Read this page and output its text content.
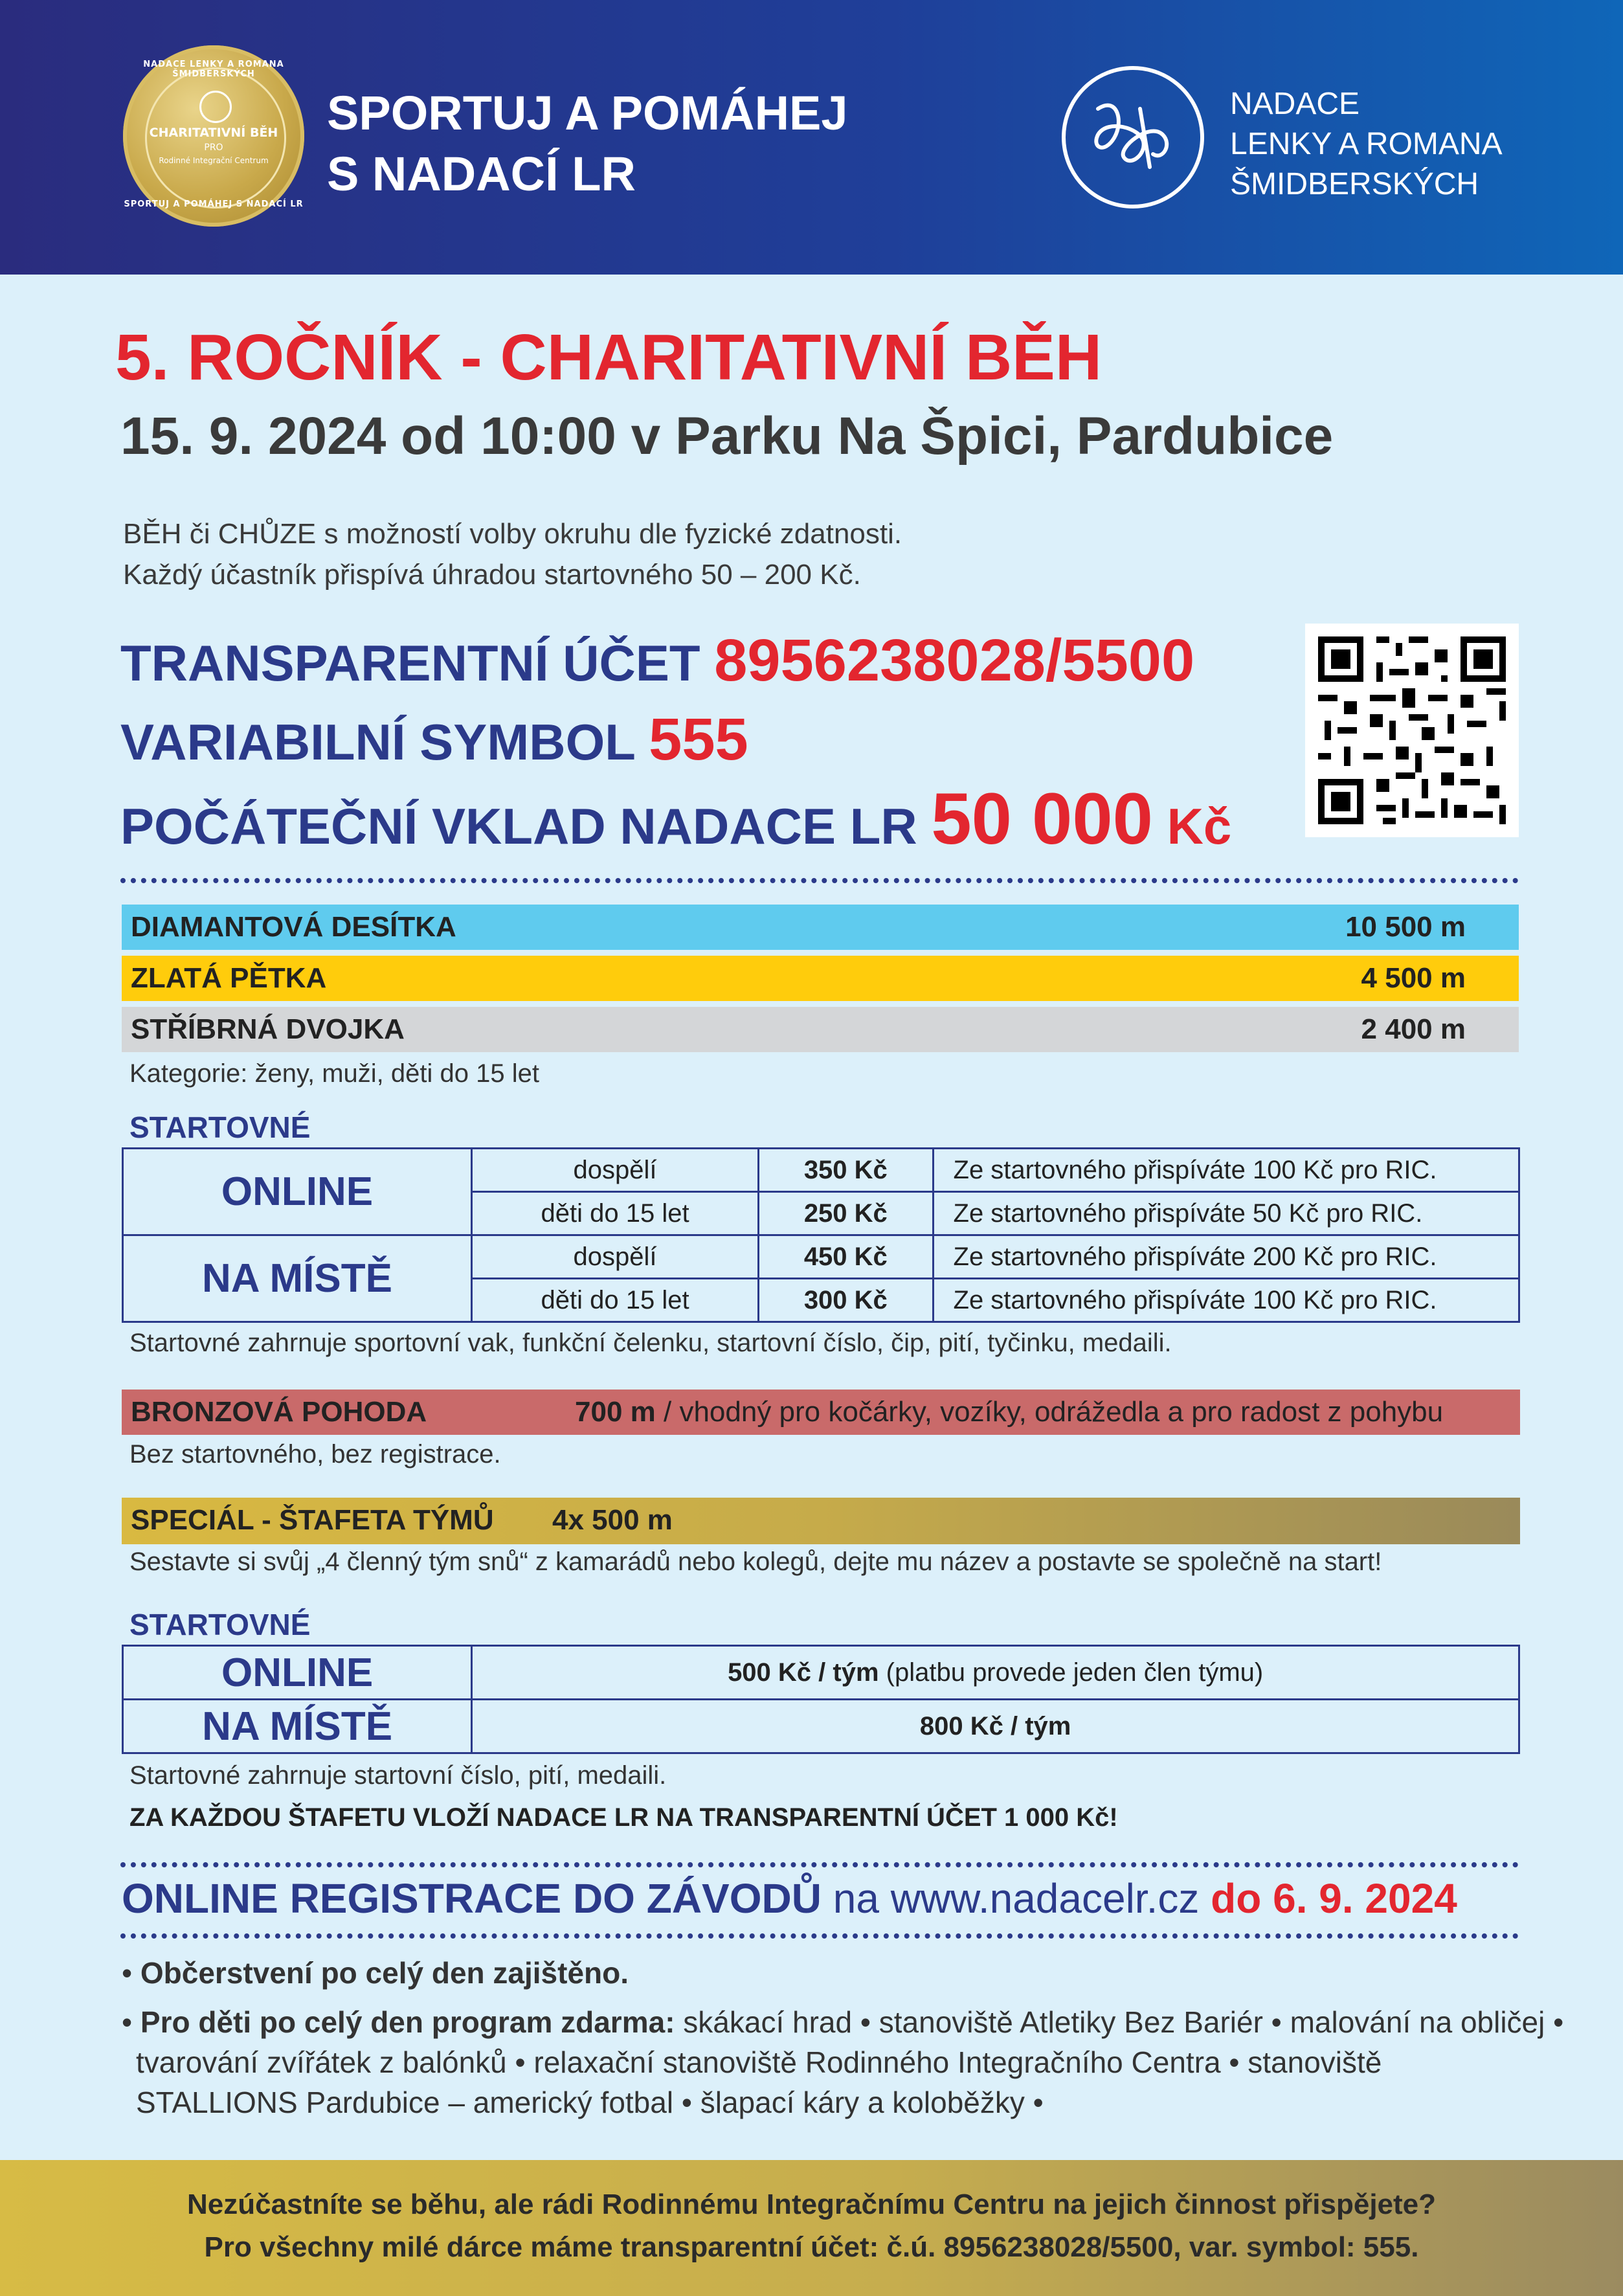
NADACE LENKY A ROMANA ŠMIDBERSKÝCH
CHARITATIVNÍ BĚH
PRO
Rodinné Integrační Centrum
SPORTUJ A POMÁHEJ S NADACÍ LR
SPORTUJ A POMÁHEJ
S NADACÍ LR
NADACE
LENKY A ROMANA
ŠMIDBERSKÝCH
5. ROČNÍK - CHARITATIVNÍ BĚH
15. 9. 2024 od 10:00 v Parku Na Špici, Pardubice
BĚH či CHŮZE s možností volby okruhu dle fyzické zdatnosti.
Každý účastník přispívá úhradou startovného 50 – 200 Kč.
TRANSPARENTNÍ ÚČET 8956238028/5500
VARIABILNÍ SYMBOL 555
POČÁTEČNÍ VKLAD NADACE LR 50 000 Kč
DIAMANTOVÁ DESÍTKA	10 500 m
ZLATÁ PĚTKA	4 500 m
STŘÍBRNÁ DVOJKA	2 400 m
Kategorie: ženy, muži, děti do 15 let
STARTOVNÉ
ONLINE	dospělí	350 Kč	Ze startovného přispíváte 100 Kč pro RIC.
	děti do 15 let	250 Kč	Ze startovného přispíváte 50 Kč pro RIC.
NA MÍSTĚ	dospělí	450 Kč	Ze startovného přispíváte 200 Kč pro RIC.
	děti do 15 let	300 Kč	Ze startovného přispíváte 100 Kč pro RIC.
Startovné zahrnuje sportovní vak, funkční čelenku, startovní číslo, čip, pití, tyčinku, medaili.
BRONZOVÁ POHODA	700 m / vhodný pro kočárky, vozíky, odrážedla a pro radost z pohybu
Bez startovného, bez registrace.
SPECIÁL - ŠTAFETA TÝMŮ 4x 500 m
Sestavte si svůj „4 členný tým snů“ z kamarádů nebo kolegů, dejte mu název a postavte se společně na start!
STARTOVNÉ
ONLINE	500 Kč / tým (platbu provede jeden člen týmu)
NA MÍSTĚ	800 Kč / tým
Startovné zahrnuje startovní číslo, pití, medaili.
ZA KAŽDOU ŠTAFETU VLOŽÍ NADACE LR NA TRANSPARENTNÍ ÚČET 1 000 Kč!
ONLINE REGISTRACE DO ZÁVODŮ na www.nadacelr.cz do 6. 9. 2024
• Občerstvení po celý den zajištěno.
• Pro děti po celý den program zdarma: skákací hrad • stanoviště Atletiky Bez Bariér • malování na obličej •
tvarování zvířátek z balónků • relaxační stanoviště Rodinného Integračního Centra • stanoviště
STALLIONS Pardubice – americký fotbal • šlapací káry a koloběžky •
Nezúčastníte se běhu, ale rádi Rodinnému Integračnímu Centru na jejich činnost přispějete?
Pro všechny milé dárce máme transparentní účet: č.ú. 8956238028/5500, var. symbol: 555.
